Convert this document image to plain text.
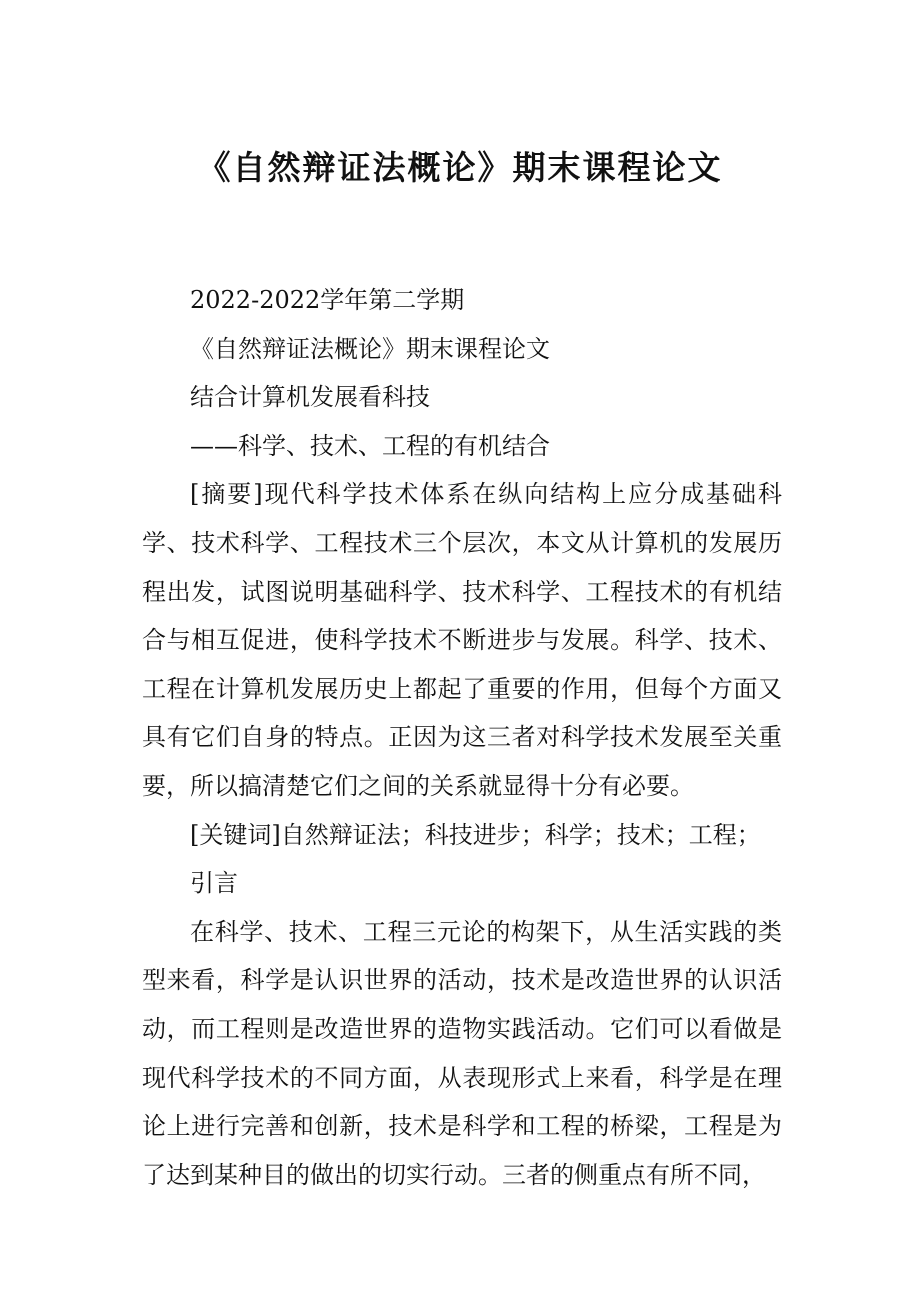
《自然辩证法概论》期末课程论文

2022-2022学年第二学期

《自然辩证法概论》期末课程论文

结合计算机发展看科技

——科学、技术、工程的有机结合

[摘要]现代科学技术体系在纵向结构上应分成基础科学、技术科学、工程技术三个层次，本文从计算机的发展历程出发，试图说明基础科学、技术科学、工程技术的有机结合与相互促进，使科学技术不断进步与发展。科学、技术、工程在计算机发展历史上都起了重要的作用，但每个方面又具有它们自身的特点。正因为这三者对科学技术发展至关重要，所以搞清楚它们之间的关系就显得十分有必要。

[关键词]自然辩证法；科技进步；科学；技术；工程；

引言

在科学、技术、工程三元论的构架下，从生活实践的类型来看，科学是认识世界的活动，技术是改造世界的认识活动，而工程则是改造世界的造物实践活动。它们可以看做是现代科学技术的不同方面，从表现形式上来看，科学是在理论上进行完善和创新，技术是科学和工程的桥梁，工程是为了达到某种目的做出的切实行动。三者的侧重点有所不同，
